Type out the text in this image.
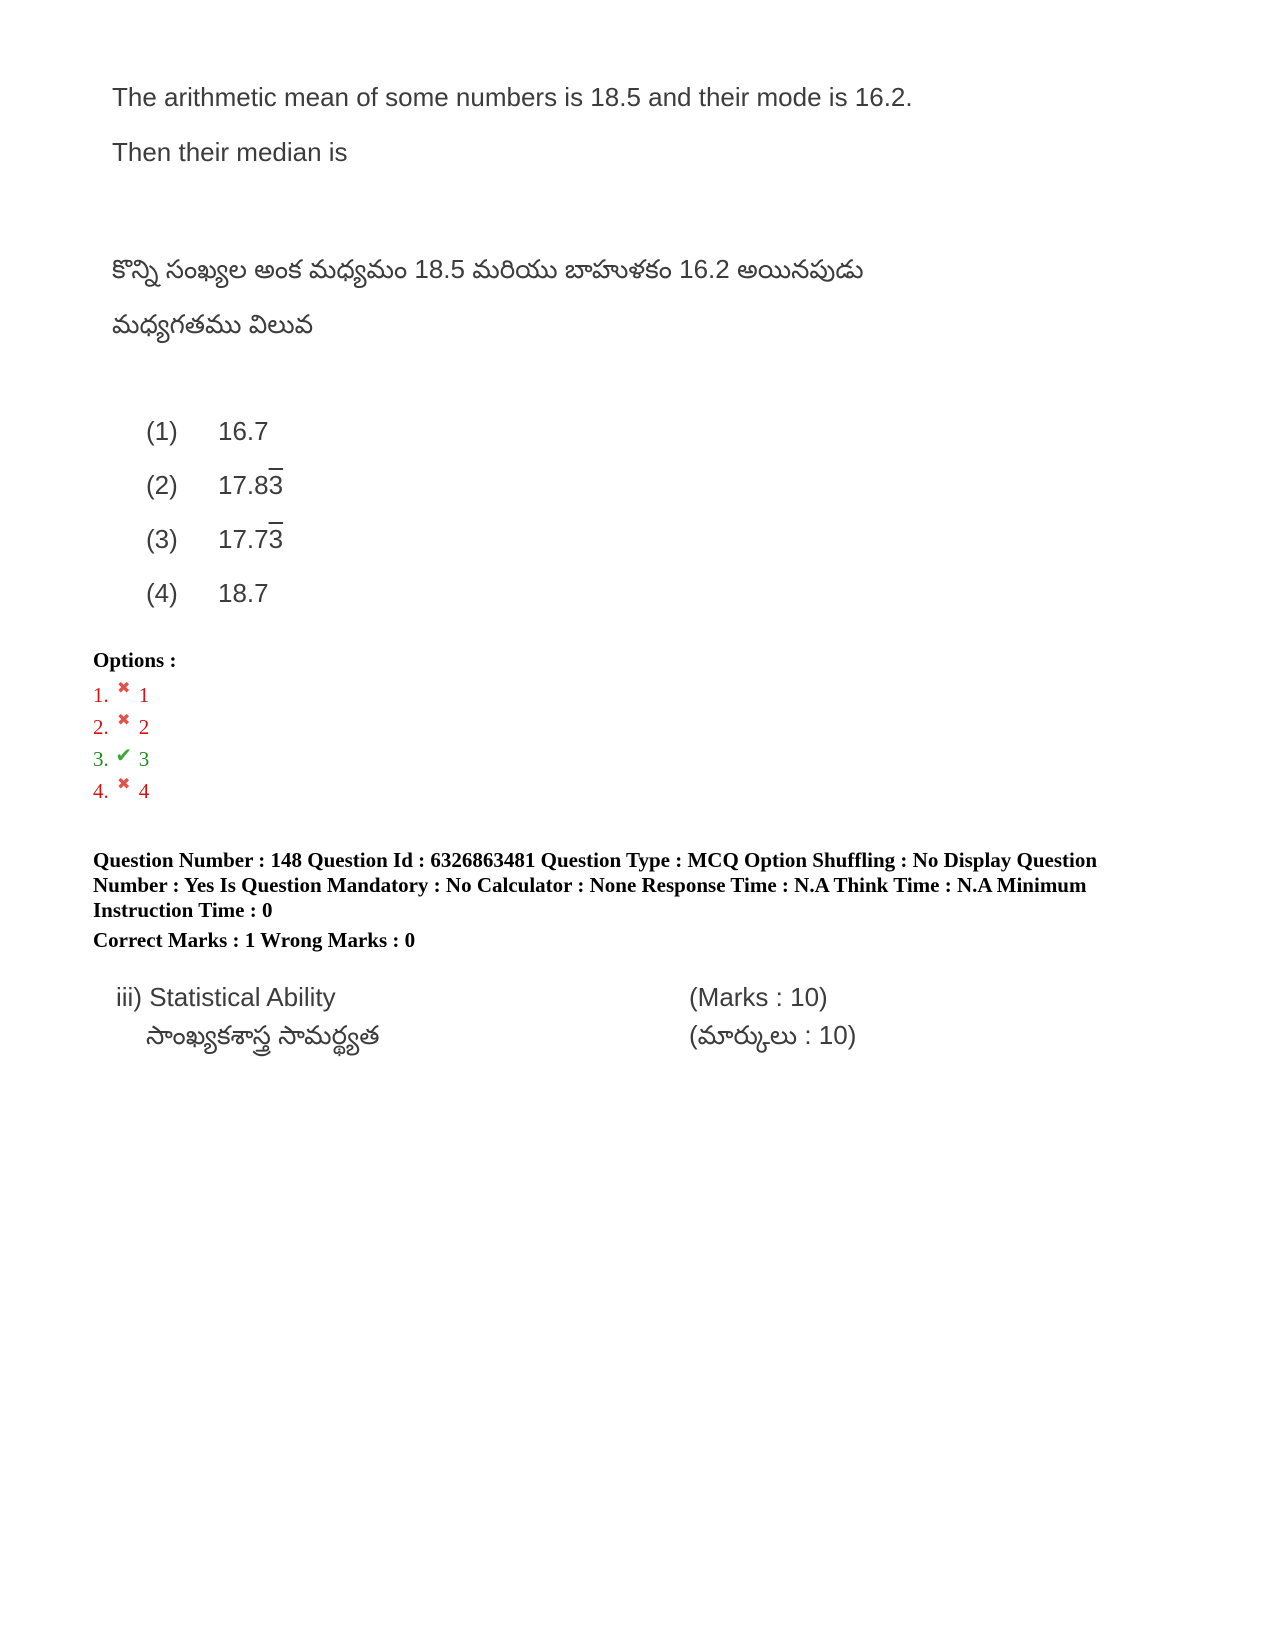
The arithmetic mean of some numbers is 18.5 and their mode is 16.2.
Then their median is
కొన్ని సంఖ్యల అంక మధ్యమం 18.5 మరియు బాహుళకం 16.2 అయినపుడు
మధ్యగతము విలువ
(1)	16.7
(2)	17.83
(3)	17.73
(4)	18.7
Options :
1. ✖ 1
2. ✖ 2
3. ✔ 3
4. ✖ 4
Question Number : 148 Question Id : 6326863481 Question Type : MCQ Option Shuffling : No Display Question
Number : Yes Is Question Mandatory : No Calculator : None Response Time : N.A Think Time : N.A Minimum
Instruction Time : 0
Correct Marks : 1 Wrong Marks : 0
iii) Statistical Ability	(Marks : 10)
సాంఖ్యకశాస్త్ర సామర్థ్యత	(మార్కులు : 10)
